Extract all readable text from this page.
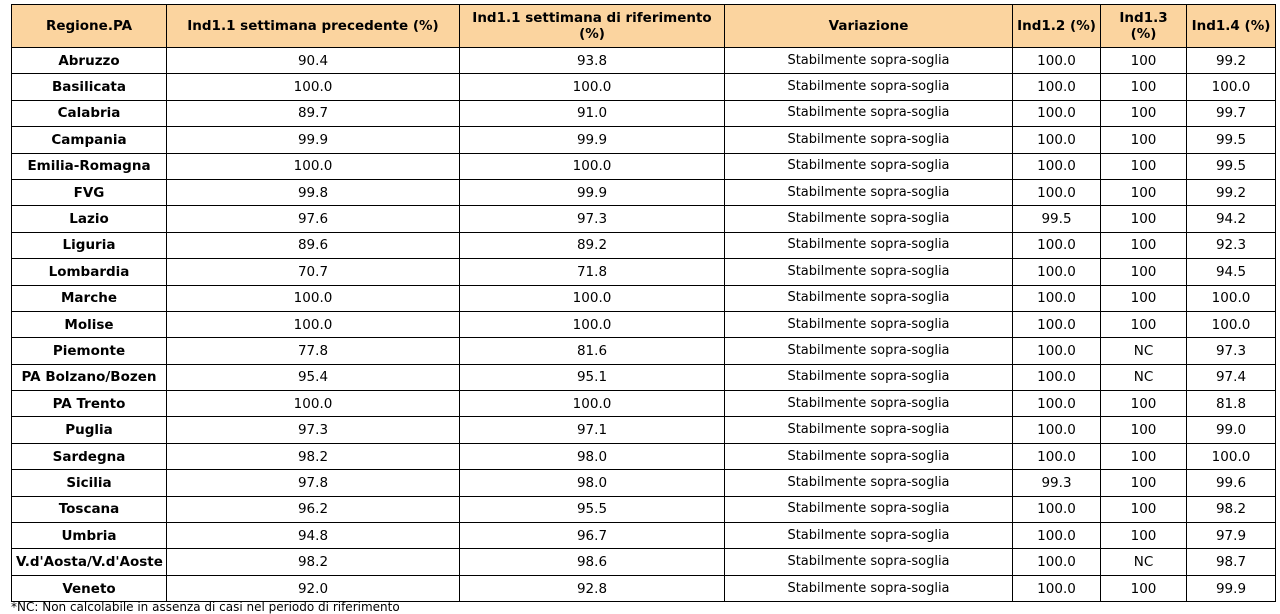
Regione.PA	Ind1.1 settimana precedente (%)	Ind1.1 settimana di riferimento (%)	Variazione	Ind1.2 (%)	Ind1.3 (%)	Ind1.4 (%)
Abruzzo	90.4	93.8	Stabilmente sopra-soglia	100.0	100	99.2
Basilicata	100.0	100.0	Stabilmente sopra-soglia	100.0	100	100.0
Calabria	89.7	91.0	Stabilmente sopra-soglia	100.0	100	99.7
Campania	99.9	99.9	Stabilmente sopra-soglia	100.0	100	99.5
Emilia-Romagna	100.0	100.0	Stabilmente sopra-soglia	100.0	100	99.5
FVG	99.8	99.9	Stabilmente sopra-soglia	100.0	100	99.2
Lazio	97.6	97.3	Stabilmente sopra-soglia	99.5	100	94.2
Liguria	89.6	89.2	Stabilmente sopra-soglia	100.0	100	92.3
Lombardia	70.7	71.8	Stabilmente sopra-soglia	100.0	100	94.5
Marche	100.0	100.0	Stabilmente sopra-soglia	100.0	100	100.0
Molise	100.0	100.0	Stabilmente sopra-soglia	100.0	100	100.0
Piemonte	77.8	81.6	Stabilmente sopra-soglia	100.0	NC	97.3
PA Bolzano/Bozen	95.4	95.1	Stabilmente sopra-soglia	100.0	NC	97.4
PA Trento	100.0	100.0	Stabilmente sopra-soglia	100.0	100	81.8
Puglia	97.3	97.1	Stabilmente sopra-soglia	100.0	100	99.0
Sardegna	98.2	98.0	Stabilmente sopra-soglia	100.0	100	100.0
Sicilia	97.8	98.0	Stabilmente sopra-soglia	99.3	100	99.6
Toscana	96.2	95.5	Stabilmente sopra-soglia	100.0	100	98.2
Umbria	94.8	96.7	Stabilmente sopra-soglia	100.0	100	97.9
V.d'Aosta/V.d'Aoste	98.2	98.6	Stabilmente sopra-soglia	100.0	NC	98.7
Veneto	92.0	92.8	Stabilmente sopra-soglia	100.0	100	99.9
*NC: Non calcolabile in assenza di casi nel periodo di riferimento
